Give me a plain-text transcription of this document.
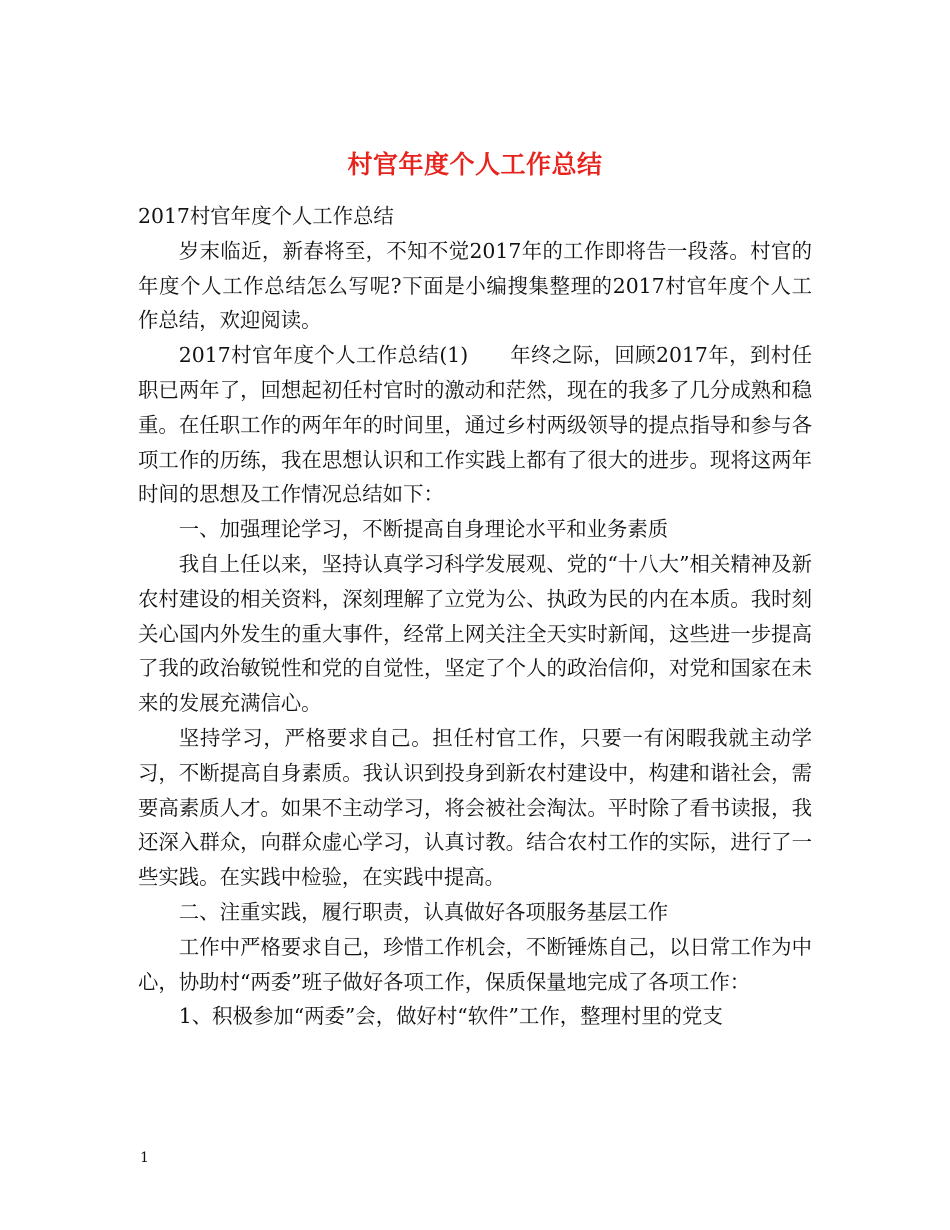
村官年度个人工作总结

2017村官年度个人工作总结

岁末临近，新春将至，不知不觉2017年的工作即将告一段落。村官的年度个人工作总结怎么写呢?下面是小编搜集整理的2017村官年度个人工作总结，欢迎阅读。

2017村官年度个人工作总结(1)　　年终之际，回顾2017年，到村任职已两年了，回想起初任村官时的激动和茫然，现在的我多了几分成熟和稳重。在任职工作的两年年的时间里，通过乡村两级领导的提点指导和参与各项工作的历练，我在思想认识和工作实践上都有了很大的进步。现将这两年时间的思想及工作情况总结如下：

一、加强理论学习，不断提高自身理论水平和业务素质

我自上任以来，坚持认真学习科学发展观、党的“十八大”相关精神及新农村建设的相关资料，深刻理解了立党为公、执政为民的内在本质。我时刻关心国内外发生的重大事件，经常上网关注全天实时新闻，这些进一步提高了我的政治敏锐性和党的自觉性，坚定了个人的政治信仰，对党和国家在未来的发展充满信心。

坚持学习，严格要求自己。担任村官工作，只要一有闲暇我就主动学习，不断提高自身素质。我认识到投身到新农村建设中，构建和谐社会，需要高素质人才。如果不主动学习，将会被社会淘汰。平时除了看书读报，我还深入群众，向群众虚心学习，认真讨教。结合农村工作的实际，进行了一些实践。在实践中检验，在实践中提高。

二、注重实践，履行职责，认真做好各项服务基层工作

工作中严格要求自己，珍惜工作机会，不断锤炼自己，以日常工作为中心，协助村“两委”班子做好各项工作，保质保量地完成了各项工作：

1、积极参加“两委”会，做好村“软件”工作，整理村里的党支

1
